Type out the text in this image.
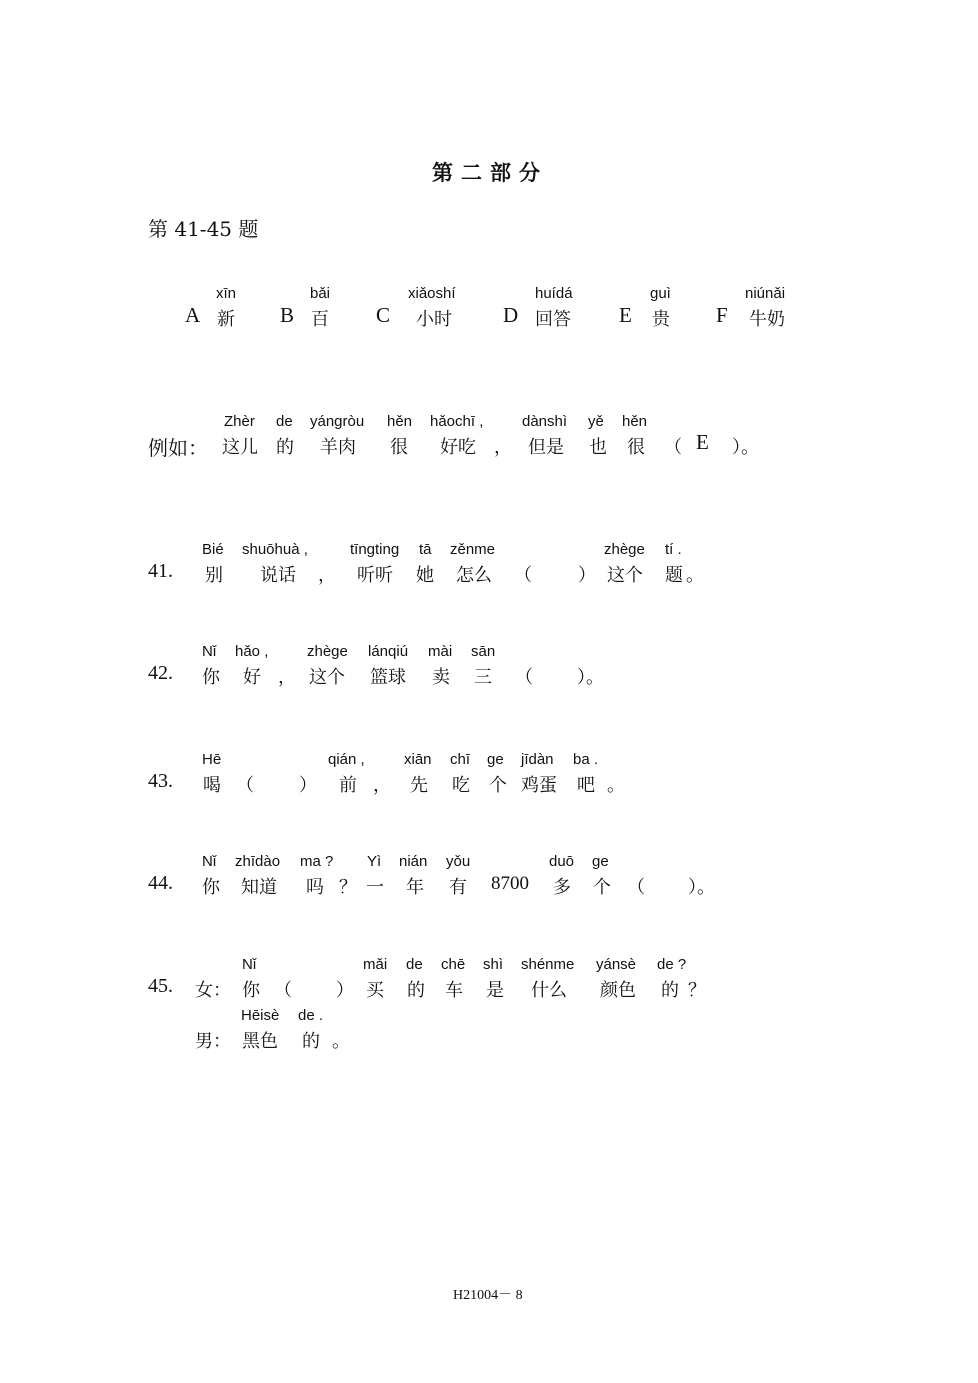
第二部分
第 41-45 题
xīn
A 新
bǎi
B 百
xiǎoshí
C 小时
huídá
D 回答
guì
E 贵
niúnǎi
F 牛奶
Zhèr de yángròu hěn hǎochī ,	dànshì yě hěn
例如： 这儿 的 羊肉 很 好吃 ， 但是 也 很 （ E ）。
Bié shuōhuà ,	tīngting tā zěnme	zhège tí .
41. 别 说话 ， 听听 她 怎么 （	） 这个 题 。
Nǐ hǎo ,	zhège lánqiú mài sān
42. 你 好 ， 这个 篮球 卖 三 （ ）。
Hē	qián ,	xiān chī ge jīdàn ba .
43. 喝 （	） 前 ， 先 吃 个 鸡蛋 吧 。
Nǐ zhīdào ma ? Yì nián yǒu	duō ge
44. 你 知道 吗 ？ 一 年 有 8700 多 个 （ ）。
Nǐ	mǎi de chē shì shénme yánsè de ?
45. 女： 你 （ ） 买 的 车 是 什么 颜色 的 ？
Hēisè de .
男： 黑色 的 。
H21004－ 8
